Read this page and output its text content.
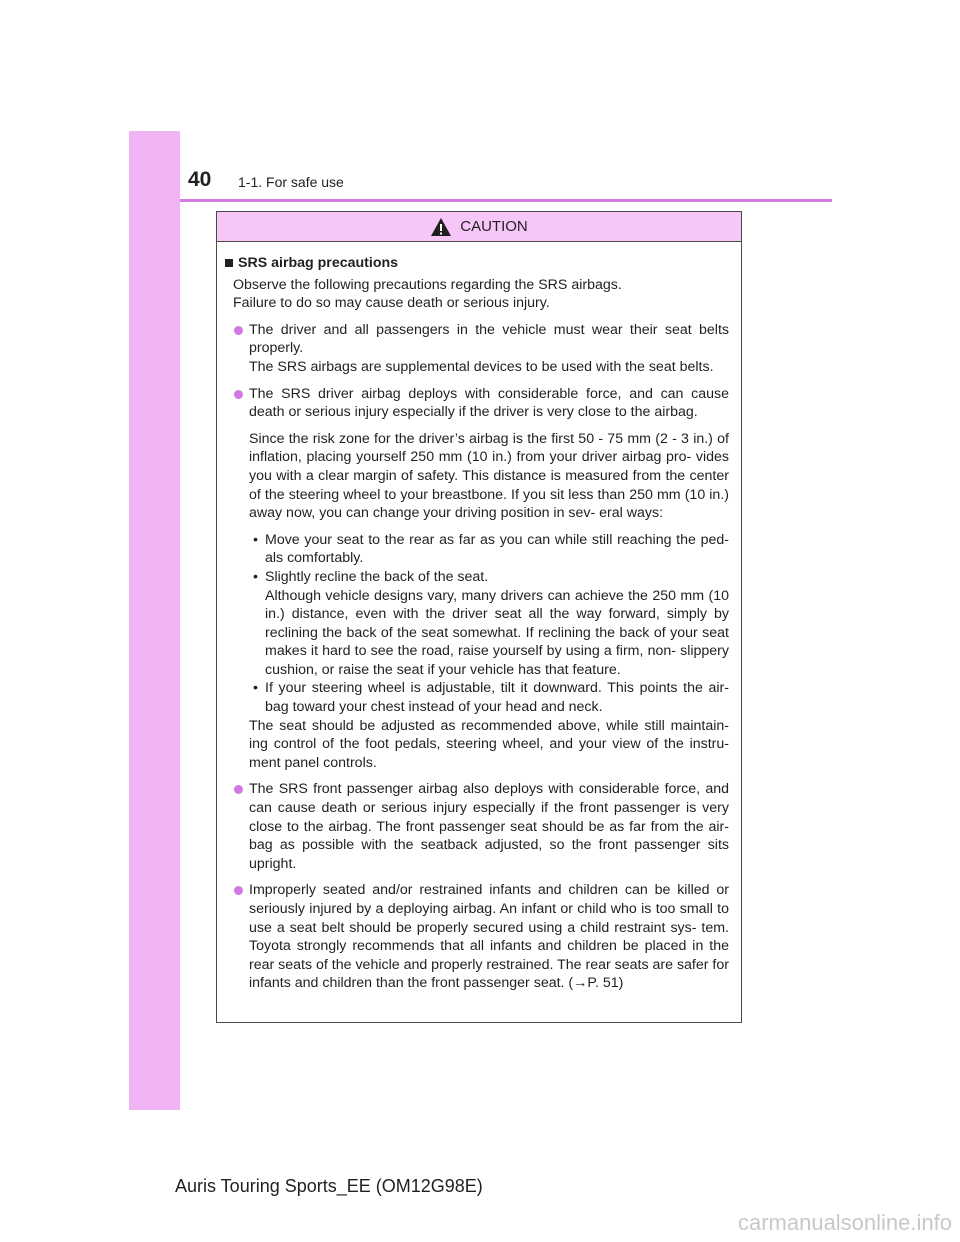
40 1-1. For safe use
CAUTION
SRS airbag precautions
Observe the following precautions regarding the SRS airbags.
Failure to do so may cause death or serious injury.
The driver and all passengers in the vehicle must wear their seat belts properly.
The SRS airbags are supplemental devices to be used with the seat belts.
The SRS driver airbag deploys with considerable force, and can cause death or serious injury especially if the driver is very close to the airbag.
Since the risk zone for the driver’s airbag is the first 50 - 75 mm (2 - 3 in.) of inflation, placing yourself 250 mm (10 in.) from your driver airbag pro- vides you with a clear margin of safety. This distance is measured from the center of the steering wheel to your breastbone. If you sit less than 250 mm (10 in.) away now, you can change your driving position in sev- eral ways:
• Move your seat to the rear as far as you can while still reaching the ped- als comfortably.
• Slightly recline the back of the seat.
Although vehicle designs vary, many drivers can achieve the 250 mm (10 in.) distance, even with the driver seat all the way forward, simply by reclining the back of the seat somewhat. If reclining the back of your seat makes it hard to see the road, raise yourself by using a firm, non- slippery cushion, or raise the seat if your vehicle has that feature.
• If your steering wheel is adjustable, tilt it downward. This points the air- bag toward your chest instead of your head and neck.
The seat should be adjusted as recommended above, while still maintain- ing control of the foot pedals, steering wheel, and your view of the instru- ment panel controls.
The SRS front passenger airbag also deploys with considerable force, and can cause death or serious injury especially if the front passenger is very close to the airbag. The front passenger seat should be as far from the air- bag as possible with the seatback adjusted, so the front passenger sits upright.
Improperly seated and/or restrained infants and children can be killed or seriously injured by a deploying airbag. An infant or child who is too small to use a seat belt should be properly secured using a child restraint sys- tem. Toyota strongly recommends that all infants and children be placed in the rear seats of the vehicle and properly restrained. The rear seats are safer for infants and children than the front passenger seat. (→P. 51)
Auris Touring Sports_EE (OM12G98E)
carmanualsonline.info
